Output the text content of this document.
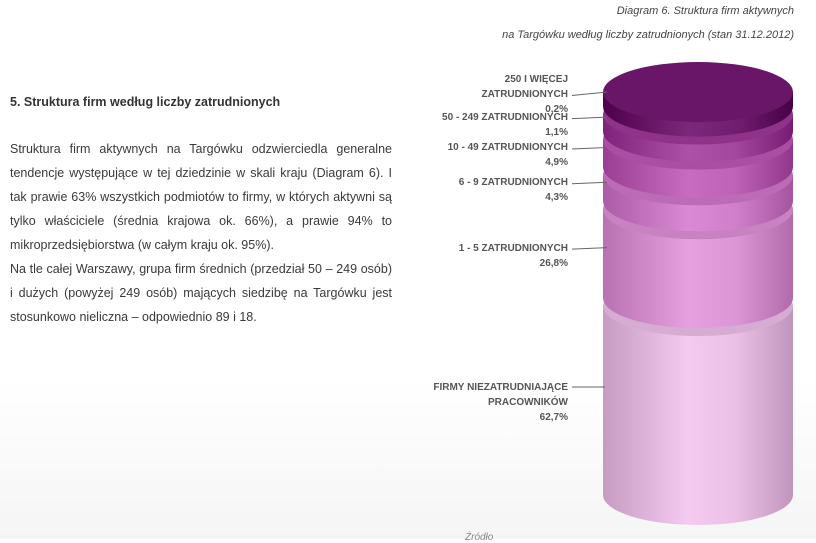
Diagram 6. Struktura firm aktywnych
na Targówku według liczby zatrudnionych (stan 31.12.2012)
5. Struktura firm według liczby zatrudnionych

Struktura firm aktywnych na Targówku odzwierciedla generalne tendencje występujące w tej dziedzinie w skali kraju (Diagram 6). I tak prawie 63% wszystkich podmiotów to firmy, w których aktywni są tylko właściciele (średnia krajowa ok. 66%), a prawie 94% to mikroprzedsiębiorstwa (w całym kraju ok. 95%).

Na tle całej Warszawy, grupa firm średnich (przedział 50 – 249 osób) i dużych (powyżej 249 osób) mających siedzibę na Targówku jest stosunkowo nieliczna – odpowiednio 89 i 18.

250 I WIĘCEJ
ZATRUDNIONYCH
0,2%
50 - 249 ZATRUDNIONYCH
1,1%
10 - 49 ZATRUDNIONYCH
4,9%
6 - 9 ZATRUDNIONYCH
4,3%
1 - 5 ZATRUDNIONYCH
26,8%
FIRMY NIEZATRUDNIAJĄCE
PRACOWNIKÓW
62,7%
Źródło
